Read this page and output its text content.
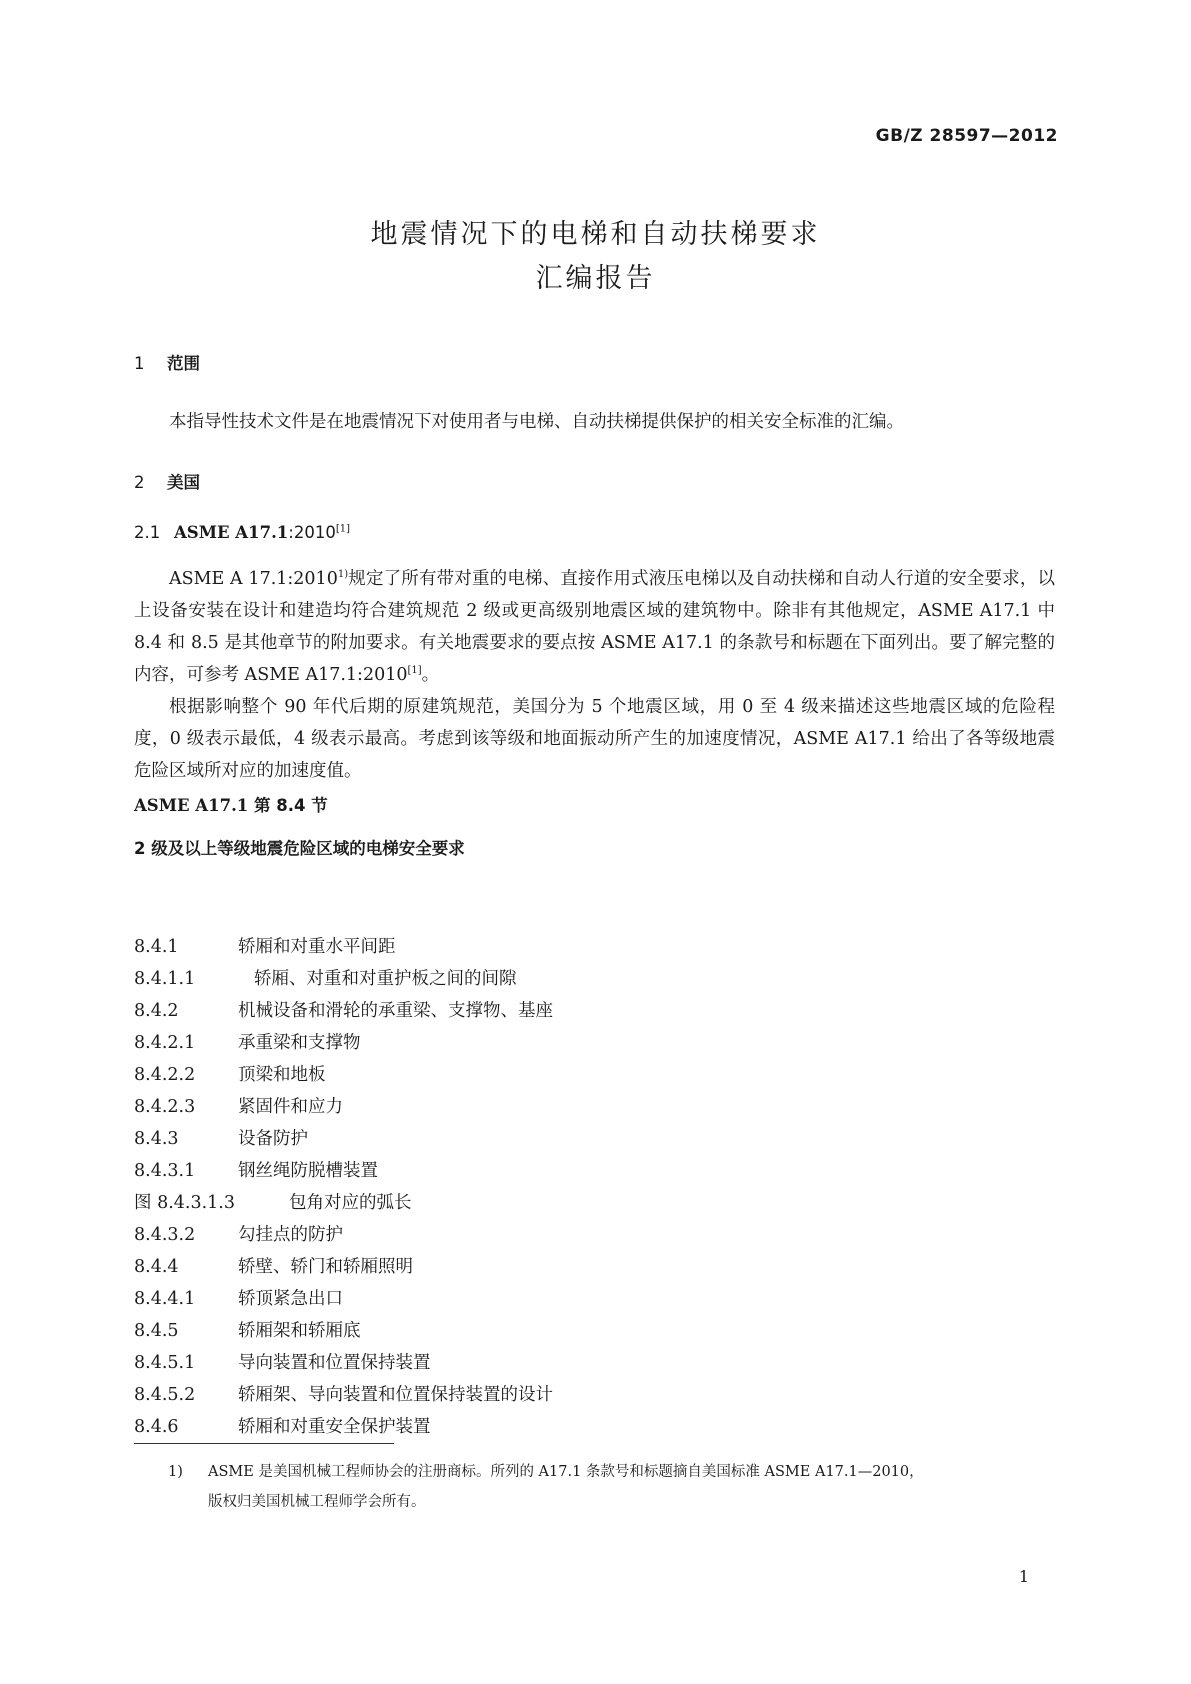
GB/Z 28597—2012
地震情况下的电梯和自动扶梯要求
汇编报告
1 范围

本指导性技术文件是在地震情况下对使用者与电梯、自动扶梯提供保护的相关安全标准的汇编。

2 美国
2.1 ASME A17.1:2010[1]

ASME A 17.1:2010$^{1)}$规定了所有带对重的电梯、直接作用式液压电梯以及自动扶梯和自动人行道的安全要求，以上设备安装在设计和建造均符合建筑规范 2 级或更高级别地震区域的建筑物中。除非有其他规定，ASME A17.1 中 8.4 和 8.5 是其他章节的附加要求。有关地震要求的要点按 ASME A17.1 的条款号和标题在下面列出。要了解完整的内容，可参考 ASME A17.1:2010[1]。

根据影响整个 90 年代后期的原建筑规范，美国分为 5 个地震区域，用 0 至 4 级来描述这些地震区域的危险程度，0 级表示最低，4 级表示最高。考虑到该等级和地面振动所产生的加速度情况，ASME A17.1 给出了各等级地震危险区域所对应的加速度值。

ASME A17.1 第 8.4 节
2 级及以上等级地震危险区域的电梯安全要求
8.4.1	轿厢和对重水平间距
8.4.1.1	轿厢、对重和对重护板之间的间隙
8.4.2	机械设备和滑轮的承重梁、支撑物、基座
8.4.2.1 承重梁和支撑物
8.4.2.2 顶梁和地板
8.4.2.3 紧固件和应力
8.4.3	设备防护
8.4.3.1 钢丝绳防脱槽装置
图 8.4.3.1.3	包角对应的弧长
8.4.3.2 勾挂点的防护
8.4.4	轿壁、轿门和轿厢照明
8.4.4.1 轿顶紧急出口
8.4.5	轿厢架和轿厢底
8.4.5.1 导向装置和位置保持装置
8.4.5.2 轿厢架、导向装置和位置保持装置的设计
8.4.6	轿厢和对重安全保护装置
1) ASME 是美国机械工程师协会的注册商标。所列的 A17.1 条款号和标题摘自美国标准 ASME A17.1—2010，
版权归美国机械工程师学会所有。
1
